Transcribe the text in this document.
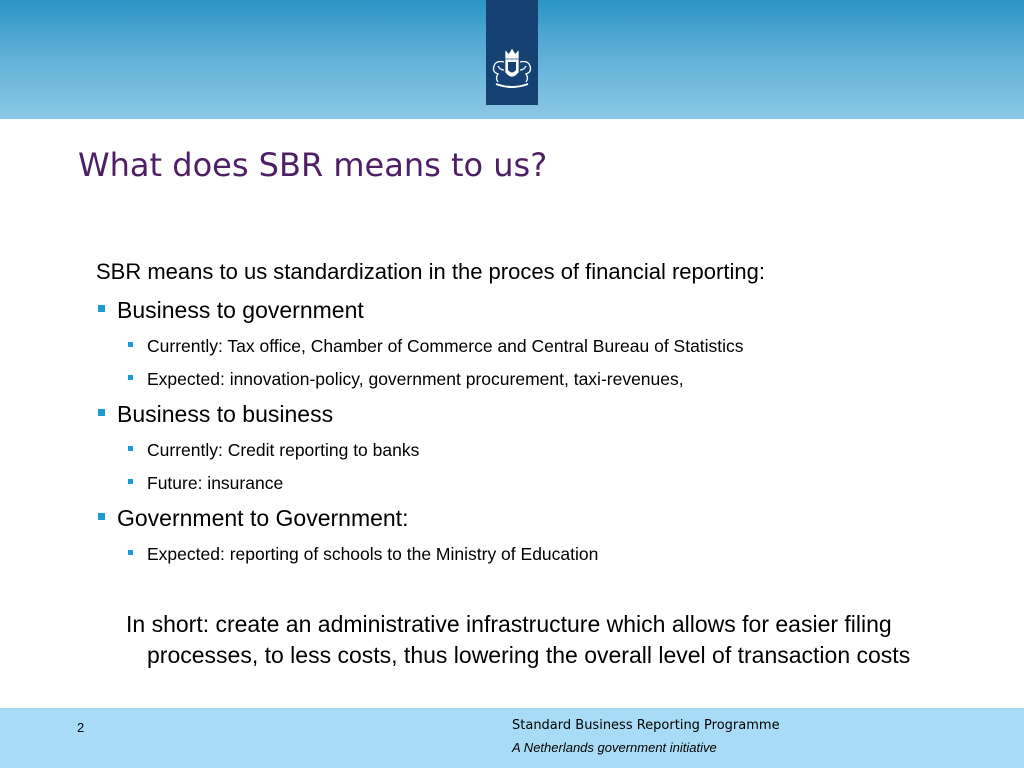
What does SBR means to us?
SBR means to us standardization in the proces of financial reporting:
Business to government
Currently: Tax office, Chamber of Commerce and Central Bureau of Statistics
Expected: innovation-policy, government procurement, taxi-revenues,
Business to business
Currently: Credit reporting to banks
Future: insurance
Government to Government:
Expected: reporting of schools to the Ministry of Education
In short: create an administrative infrastructure which allows for easier filing processes, to less costs, thus lowering the overall level of transaction costs
2	Standard Business Reporting Programme
A Netherlands government initiative
